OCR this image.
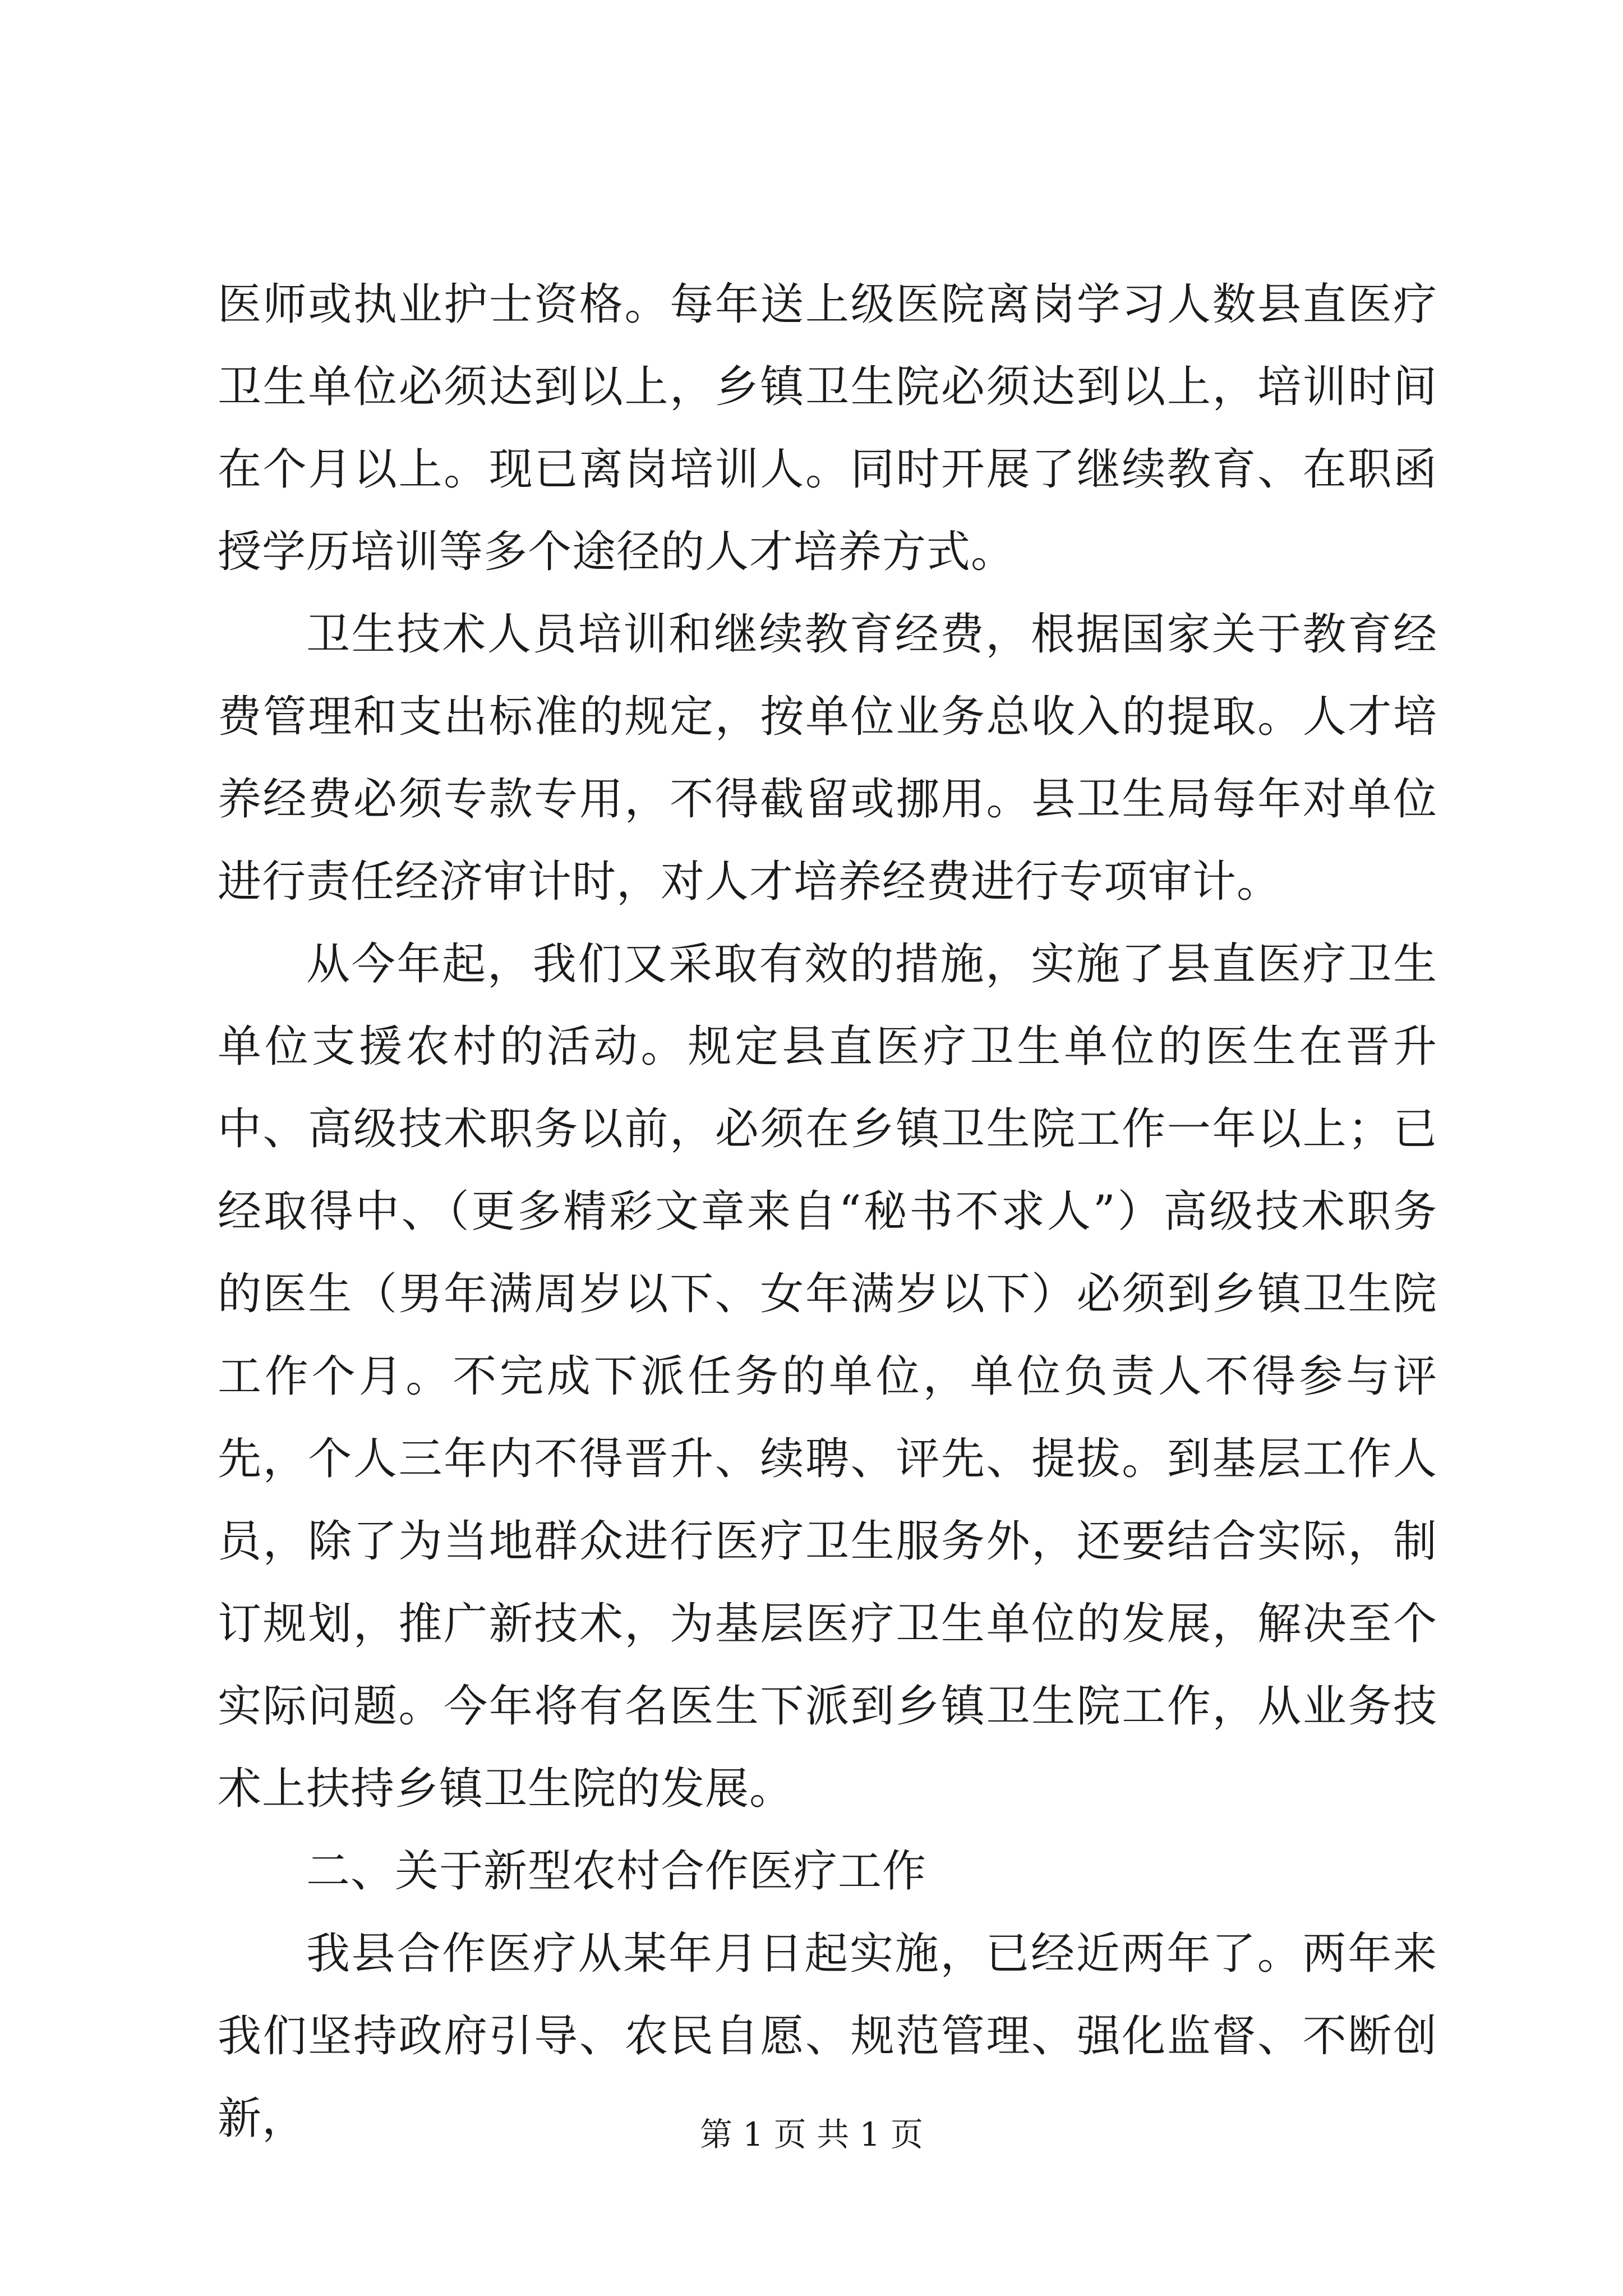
医师或执业护士资格。每年送上级医院离岗学习人数县直医疗卫生单位必须达到以上，乡镇卫生院必须达到以上，培训时间在个月以上。现已离岗培训人。同时开展了继续教育、在职函授学历培训等多个途径的人才培养方式。

卫生技术人员培训和继续教育经费，根据国家关于教育经费管理和支出标准的规定，按单位业务总收入的提取。人才培养经费必须专款专用，不得截留或挪用。县卫生局每年对单位进行责任经济审计时，对人才培养经费进行专项审计。

从今年起，我们又采取有效的措施，实施了县直医疗卫生单位支援农村的活动。规定县直医疗卫生单位的医生在晋升中、高级技术职务以前，必须在乡镇卫生院工作一年以上；已经取得中、（更多精彩文章来自“秘书不求人”）高级技术职务的医生（男年满周岁以下、女年满岁以下）必须到乡镇卫生院工作个月。不完成下派任务的单位，单位负责人不得参与评先，个人三年内不得晋升、续聘、评先、提拔。到基层工作人员，除了为当地群众进行医疗卫生服务外，还要结合实际，制订规划，推广新技术，为基层医疗卫生单位的发展，解决至个实际问题。今年将有名医生下派到乡镇卫生院工作，从业务技术上扶持乡镇卫生院的发展。

二、关于新型农村合作医疗工作

我县合作医疗从某年月日起实施，已经近两年了。两年来我们坚持政府引导、农民自愿、规范管理、强化监督、不断创新，	第 1 页 共 1 页
